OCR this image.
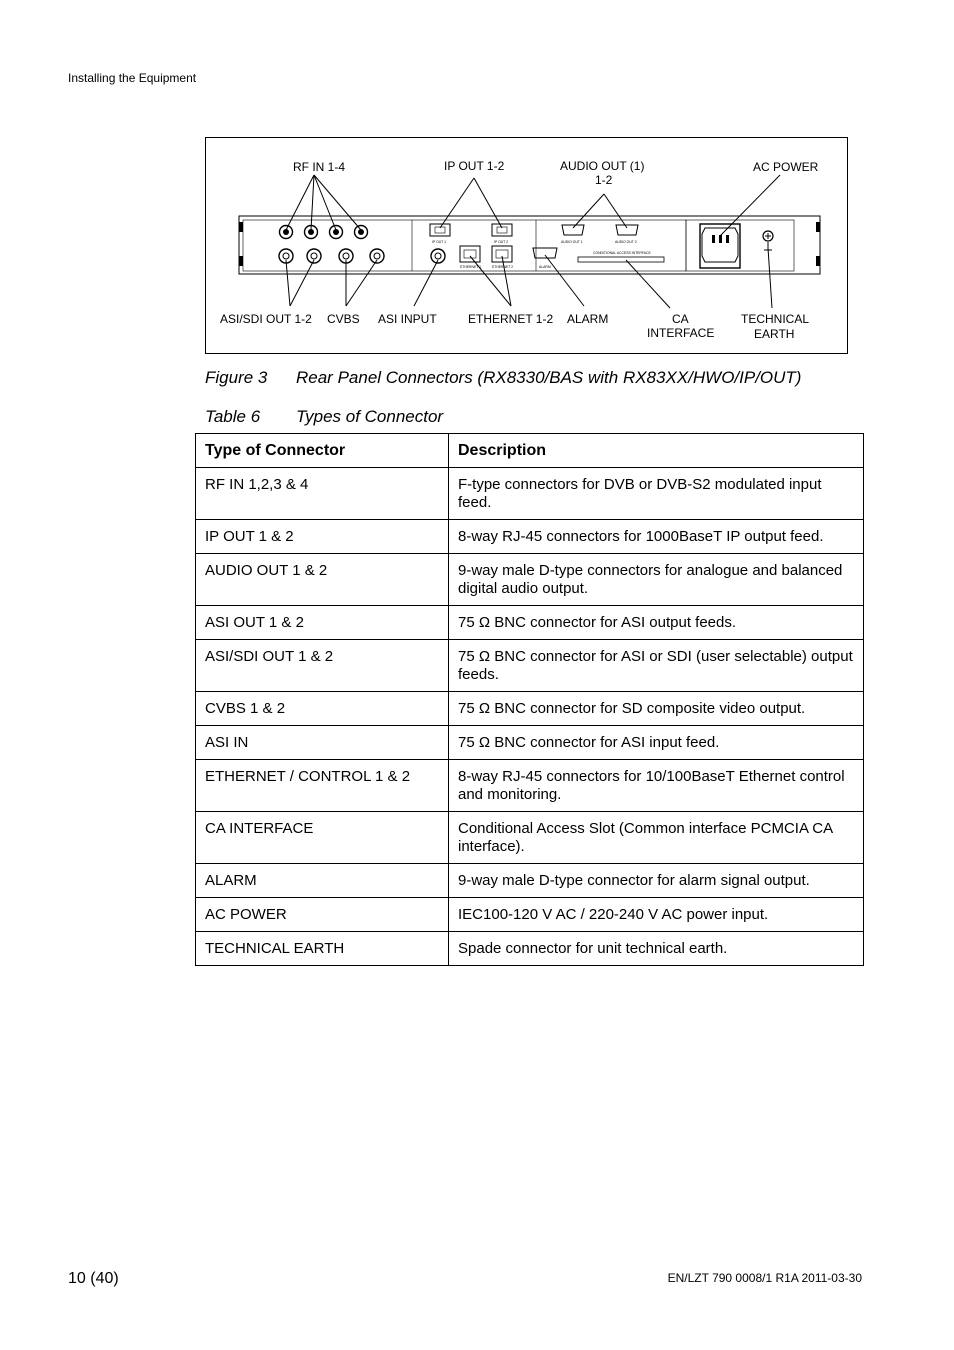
Installing the Equipment
IP OUT 1	IP OUT 2
ETHERNET 1	ETHERNET 2
AUDIO OUT 1	AUDIO OUT 2
ALARM
CONDITIONAL ACCESS INTERFACE
RF IN 1-4	IP OUT 1-2	AUDIO OUT (1)
1-2
AC POWER
ASI/SDI OUT 1-2 CVBS ASI INPUT	ETHERNET 1-2 ALARM	CA
INTERFACE
TECHNICAL
EARTH
Figure 3 Rear Panel Connectors (RX8330/BAS with RX83XX/HWO/IP/OUT)
Table 6 Types of Connector
Type of Connector	Description
RF IN 1,2,3 & 4	F-type connectors for DVB or DVB-S2 modulated input feed.
IP OUT 1 & 2	8-way RJ-45 connectors for 1000BaseT IP output feed.
AUDIO OUT 1 & 2	9-way male D-type connectors for analogue and balanced digital audio output.
ASI OUT 1 & 2	75 Ω BNC connector for ASI output feeds.
ASI/SDI OUT 1 & 2	75 Ω BNC connector for ASI or SDI (user selectable) output feeds.
CVBS 1 & 2	75 Ω BNC connector for SD composite video output.
ASI IN	75 Ω BNC connector for ASI input feed.
ETHERNET / CONTROL 1 & 2	8-way RJ-45 connectors for 10/100BaseT Ethernet control and monitoring.
CA INTERFACE	Conditional Access Slot (Common interface PCMCIA CA interface).
ALARM	9-way male D-type connector for alarm signal output.
AC POWER	IEC100-120 V AC / 220-240 V AC power input.
TECHNICAL EARTH	Spade connector for unit technical earth.
10 (40)	EN/LZT 790 0008/1 R1A 2011-03-30
